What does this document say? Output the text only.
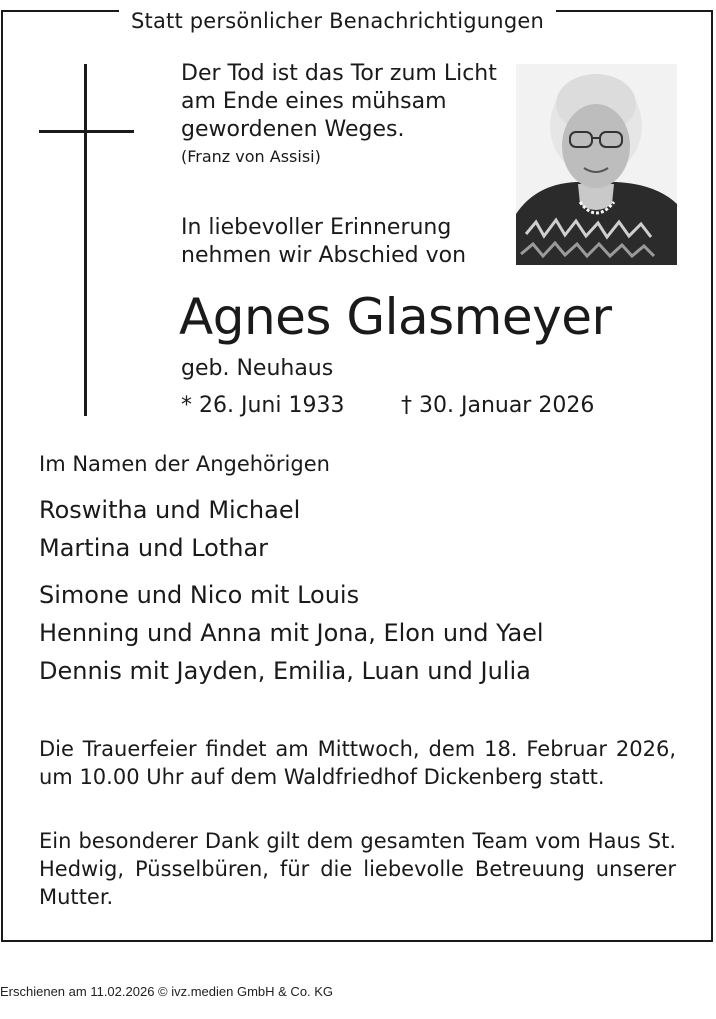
Statt persönlicher Benachrichtigungen
Der Tod ist das Tor zum Licht
am Ende eines mühsam
gewordenen Weges.
(Franz von Assisi)
In liebevoller Erinnerung
nehmen wir Abschied von
Agnes Glasmeyer
geb. Neuhaus
* 26. Juni 1933	† 30. Januar 2026
Im Namen der Angehörigen
Roswitha und Michael
Martina und Lothar
Simone und Nico mit Louis
Henning und Anna mit Jona, Elon und Yael
Dennis mit Jayden, Emilia, Luan und Julia
Die Trauerfeier findet am Mittwoch, dem 18. Februar 2026, um 10.00 Uhr auf dem Waldfriedhof Dickenberg statt.
Ein besonderer Dank gilt dem gesamten Team vom Haus St. Hedwig, Püsselbüren, für die liebevolle Betreuung unserer Mutter.
Erschienen am 11.02.2026 © ivz.medien GmbH & Co. KG
